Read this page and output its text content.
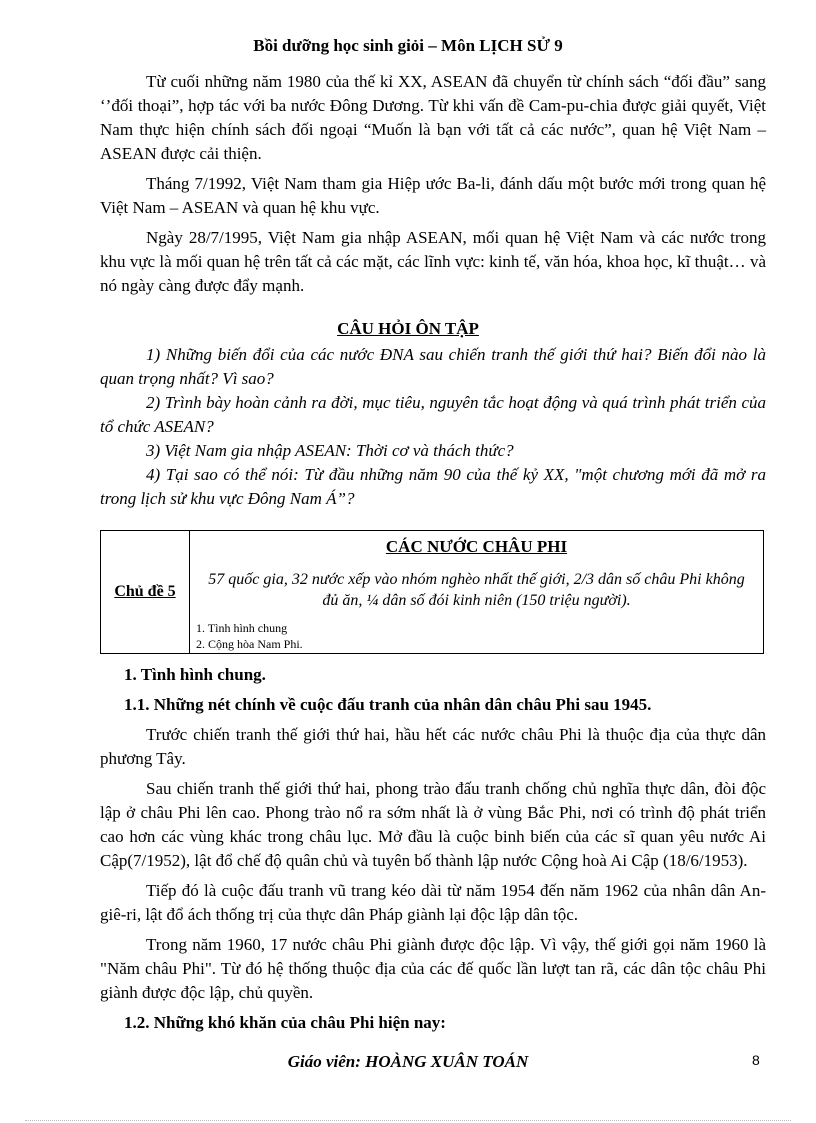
Bồi dưỡng học sinh giỏi – Môn LỊCH SỬ 9

Từ cuối những năm 1980 của thế kỉ XX, ASEAN đã chuyển từ chính sách “đối đầu” sang ‘’đối thoại”, hợp tác với ba nước Đông Dương. Từ khi vấn đề Cam-pu-chia được giải quyết, Việt Nam thực hiện chính sách đối ngoại “Muốn là bạn với tất cả các nước”, quan hệ Việt Nam – ASEAN được cải thiện.

Tháng 7/1992, Việt Nam tham gia Hiệp ước Ba-li, đánh dấu một bước mới trong quan hệ Việt Nam – ASEAN và quan hệ khu vực.

Ngày 28/7/1995, Việt Nam gia nhập ASEAN, mối quan hệ Việt Nam và các nước trong khu vực là mối quan hệ trên tất cả các mặt, các lĩnh vực: kinh tế, văn hóa, khoa học, kĩ thuật… và nó ngày càng được đẩy mạnh.

CÂU HỎI ÔN TẬP

1) Những biến đổi của các nước ĐNA sau chiến tranh thế giới thứ hai? Biến đổi nào là quan trọng nhất? Vì sao?

2) Trình bày hoàn cảnh ra đời, mục tiêu, nguyên tắc hoạt động và quá trình phát triển của tổ chức ASEAN?

3) Việt Nam gia nhập ASEAN: Thời cơ và thách thức?

4) Tại sao có thể nói: Từ đầu những năm 90 của thế kỷ XX, "một chương mới đã mở ra trong lịch sử khu vực Đông Nam Á”?

Chủ đề 5
CÁC NƯỚC CHÂU PHI
57 quốc gia, 32 nước xếp vào nhóm nghèo nhất thế giới, 2/3 dân số châu Phi không đủ ăn, ¼ dân số đói kinh niên (150 triệu người).
1. Tình hình chung
2. Cộng hòa Nam Phi.

1. Tình hình chung.

1.1. Những nét chính về cuộc đấu tranh của nhân dân châu Phi sau 1945.

Trước chiến tranh thế giới thứ hai, hầu hết các nước châu Phi là thuộc địa của thực dân phương Tây.

Sau chiến tranh thế giới thứ hai, phong trào đấu tranh chống chủ nghĩa thực dân, đòi độc lập ở châu Phi lên cao. Phong trào nổ ra sớm nhất là ở vùng Bắc Phi, nơi có trình độ phát triển cao hơn các vùng khác trong châu lục. Mở đầu là cuộc binh biến của các sĩ quan yêu nước Ai Cập(7/1952), lật đổ chế độ quân chủ và tuyên bố thành lập nước Cộng hoà Ai Cập (18/6/1953).

Tiếp đó là cuộc đấu tranh vũ trang kéo dài từ năm 1954 đến năm 1962 của nhân dân An-giê-ri, lật đổ ách thống trị của thực dân Pháp giành lại độc lập dân tộc.

Trong năm 1960, 17 nước châu Phi giành được độc lập. Vì vậy, thế giới gọi năm 1960 là "Năm châu Phi". Từ đó hệ thống thuộc địa của các đế quốc lần lượt tan rã, các dân tộc châu Phi giành được độc lập, chủ quyền.

1.2. Những khó khăn của châu Phi hiện nay:

Giáo viên: HOÀNG XUÂN TOÁN	8
